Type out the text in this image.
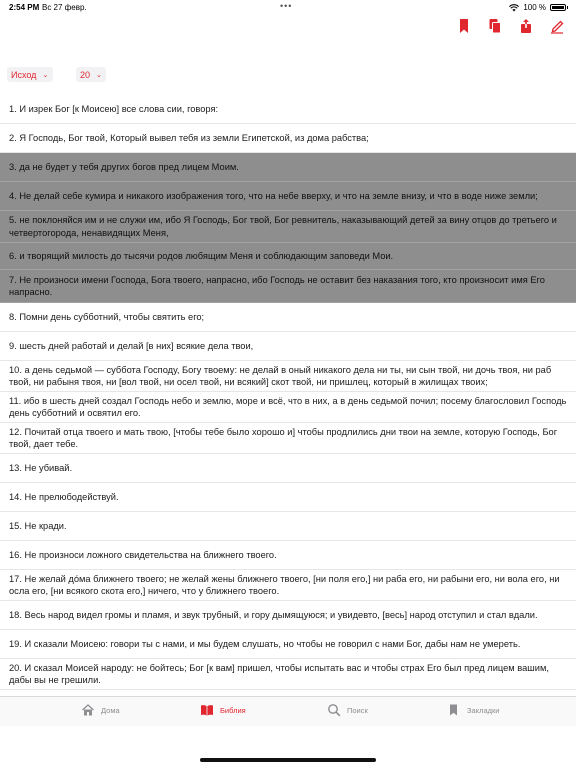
2:54 PM Вс 27 февр.	•••	100 %
Исход ⌄	20 ⌄
1. И изрек Бог [к Моисею] все слова сии, говоря:
2. Я Господь, Бог твой, Который вывел тебя из земли Египетской, из дома рабства;
3. да не будет у тебя других богов пред лицем Моим.
4. Не делай себе кумира и никакого изображения того, что на небе вверху, и что на земле внизу, и что в воде ниже земли;
5. не поклоняйся им и не служи им, ибо Я Господь, Бог твой, Бог ревнитель, наказывающий детей за вину отцов до третьего и четвертогорода, ненавидящих Меня,
6. и творящий милость до тысячи родов любящим Меня и соблюдающим заповеди Мои.
7. Не произноси имени Господа, Бога твоего, напрасно, ибо Господь не оставит без наказания того, кто произносит имя Его напрасно.
8. Помни день субботний, чтобы святить его;
9. шесть дней работай и делай [в них] всякие дела твои,
10. а день седьмой — суббота Господу, Богу твоему: не делай в оный никакого дела ни ты, ни сын твой, ни дочь твоя, ни раб твой, ни рабыня твоя, ни [вол твой, ни осел твой, ни всякий] скот твой, ни пришлец, который в жилищах твоих;
11. ибо в шесть дней создал Господь небо и землю, море и всё, что в них, а в день седьмой почил; посему благословил Господь день субботний и освятил его.
12. Почитай отца твоего и мать твою, [чтобы тебе было хорошо и] чтобы продлились дни твои на земле, которую Господь, Бог твой, дает тебе.
13. Не убивай.
14. Не прелюбодействуй.
15. Не кради.
16. Не произноси ложного свидетельства на ближнего твоего.
17. Не желай до́ма ближнего твоего; не желай жены ближнего твоего, [ни поля его,] ни раба его, ни рабыни его, ни вола его, ни осла его, [ни всякого скота его,] ничего, что у ближнего твоего.
18. Весь народ видел громы и пламя, и звук трубный, и гору дымящуюся; и увидевто, [весь] народ отступил и стал вдали.
19. И сказали Моисею: говори ты с нами, и мы будем слушать, но чтобы не говорил с нами Бог, дабы нам не умереть.
20. И сказал Моисей народу: не бойтесь; Бог [к вам] пришел, чтобы испытать вас и чтобы страх Его был пред лицем вашим, дабы вы не грешили.
Дома	Библия	Поиск	Закладки
